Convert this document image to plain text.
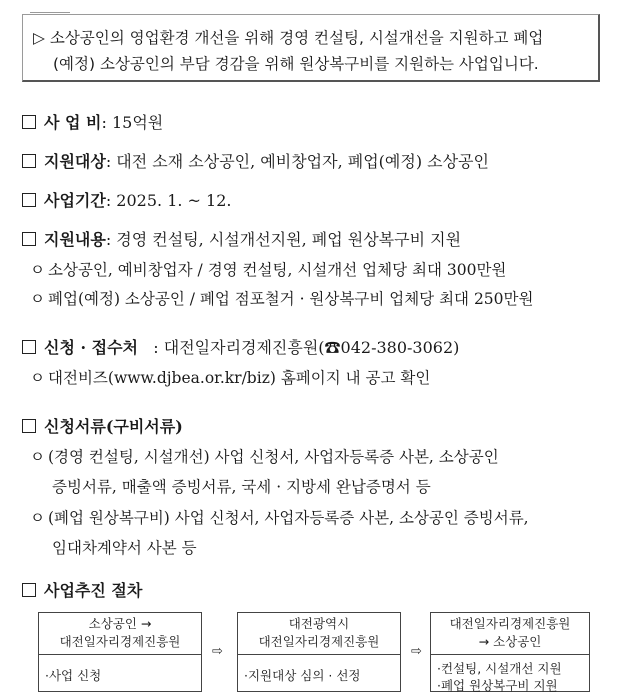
▷ 소상공인의 영업환경 개선을 위해 경영 컨설팅, 시설개선을 지원하고 폐업
(예정) 소상공인의 부담 경감을 위해 원상복구비를 지원하는 사업입니다.
사 업 비: 15억원
지원대상: 대전 소재 소상공인, 예비창업자, 폐업(예정) 소상공인
사업기간: 2025. 1. ~ 12.
지원내용: 경영 컨설팅, 시설개선지원, 폐업 원상복구비 지원
ㅇ 소상공인, 예비창업자 / 경영 컨설팅, 시설개선 업체당 최대 300만원
ㅇ 폐업(예정) 소상공인 / 폐업 점포철거 · 원상복구비 업체당 최대 250만원
신청 · 접수처 : 대전일자리경제진흥원(☎042-380-3062)
ㅇ 대전비즈(www.djbea.or.kr/biz) 홈페이지 내 공고 확인
신청서류(구비서류)
ㅇ (경영 컨설팅, 시설개선) 사업 신청서, 사업자등록증 사본, 소상공인
증빙서류, 매출액 증빙서류, 국세 · 지방세 완납증명서 등
ㅇ (폐업 원상복구비) 사업 신청서, 사업자등록증 사본, 소상공인 증빙서류,
임대차계약서 사본 등
사업추진 절차
소상공인 →
대전일자리경제진흥원
·사업 신청
⇨
대전광역시
대전일자리경제진흥원
·지원대상 심의 · 선정
⇨
대전일자리경제진흥원
→ 소상공인
·컨설팅, 시설개선 지원
·폐업 원상복구비 지원
